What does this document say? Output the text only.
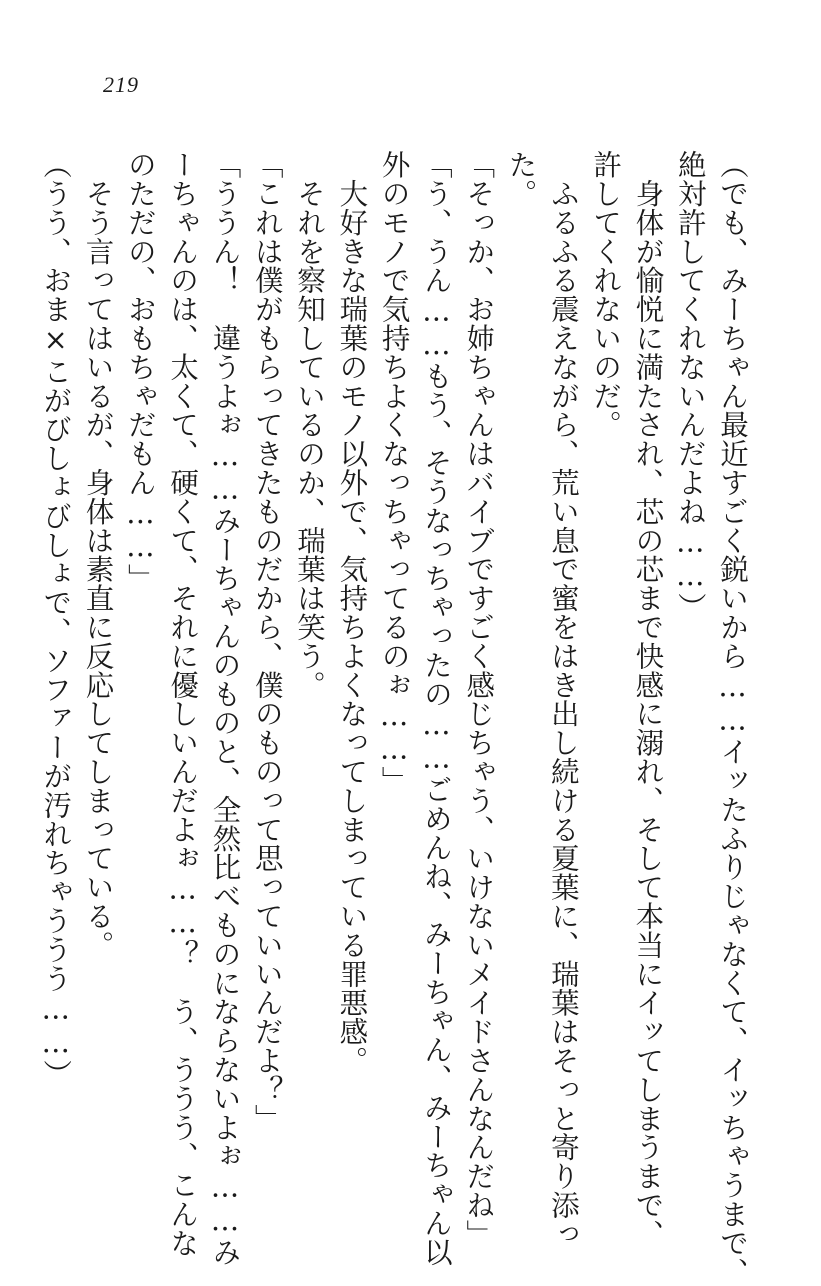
219

（でも、みーちゃん最近すごく鋭いから……イッたふりじゃなくて、イッちゃうまで、

絶対許してくれないんだよね……）

　身体が愉悦に満たされ、芯の芯まで快感に溺れ、そして本当にイッてしまうまで、

許してくれないのだ。

　ふるふる震えながら、荒い息で蜜をはき出し続ける夏葉に、瑞葉はそっと寄り添っ

た。

「そっか、お姉ちゃんはバイブですごく感じちゃう、いけないメイドさんなんだね」

「う、うん……もう、そうなっちゃったの……ごめんね、みーちゃん、みーちゃん以

外のモノで気持ちよくなっちゃってるのぉ……」

　大好きな瑞葉のモノ以外で、気持ちよくなってしまっている罪悪感。

　それを察知しているのか、瑞葉は笑う。

「これは僕がもらってきたものだから、僕のものって思っていいんだよ？」

「ううん！　違うよぉ……みーちゃんのものと、全然比べものにならないよぉ……み

ーちゃんのは、太くて、硬くて、それに優しいんだよぉ……？　う、ううう、こんな

のただの、おもちゃだもん……」

　そう言ってはいるが、身体は素直に反応してしまっている。

（うう、おま×こがびしょびしょで、ソファーが汚れちゃううう……）
